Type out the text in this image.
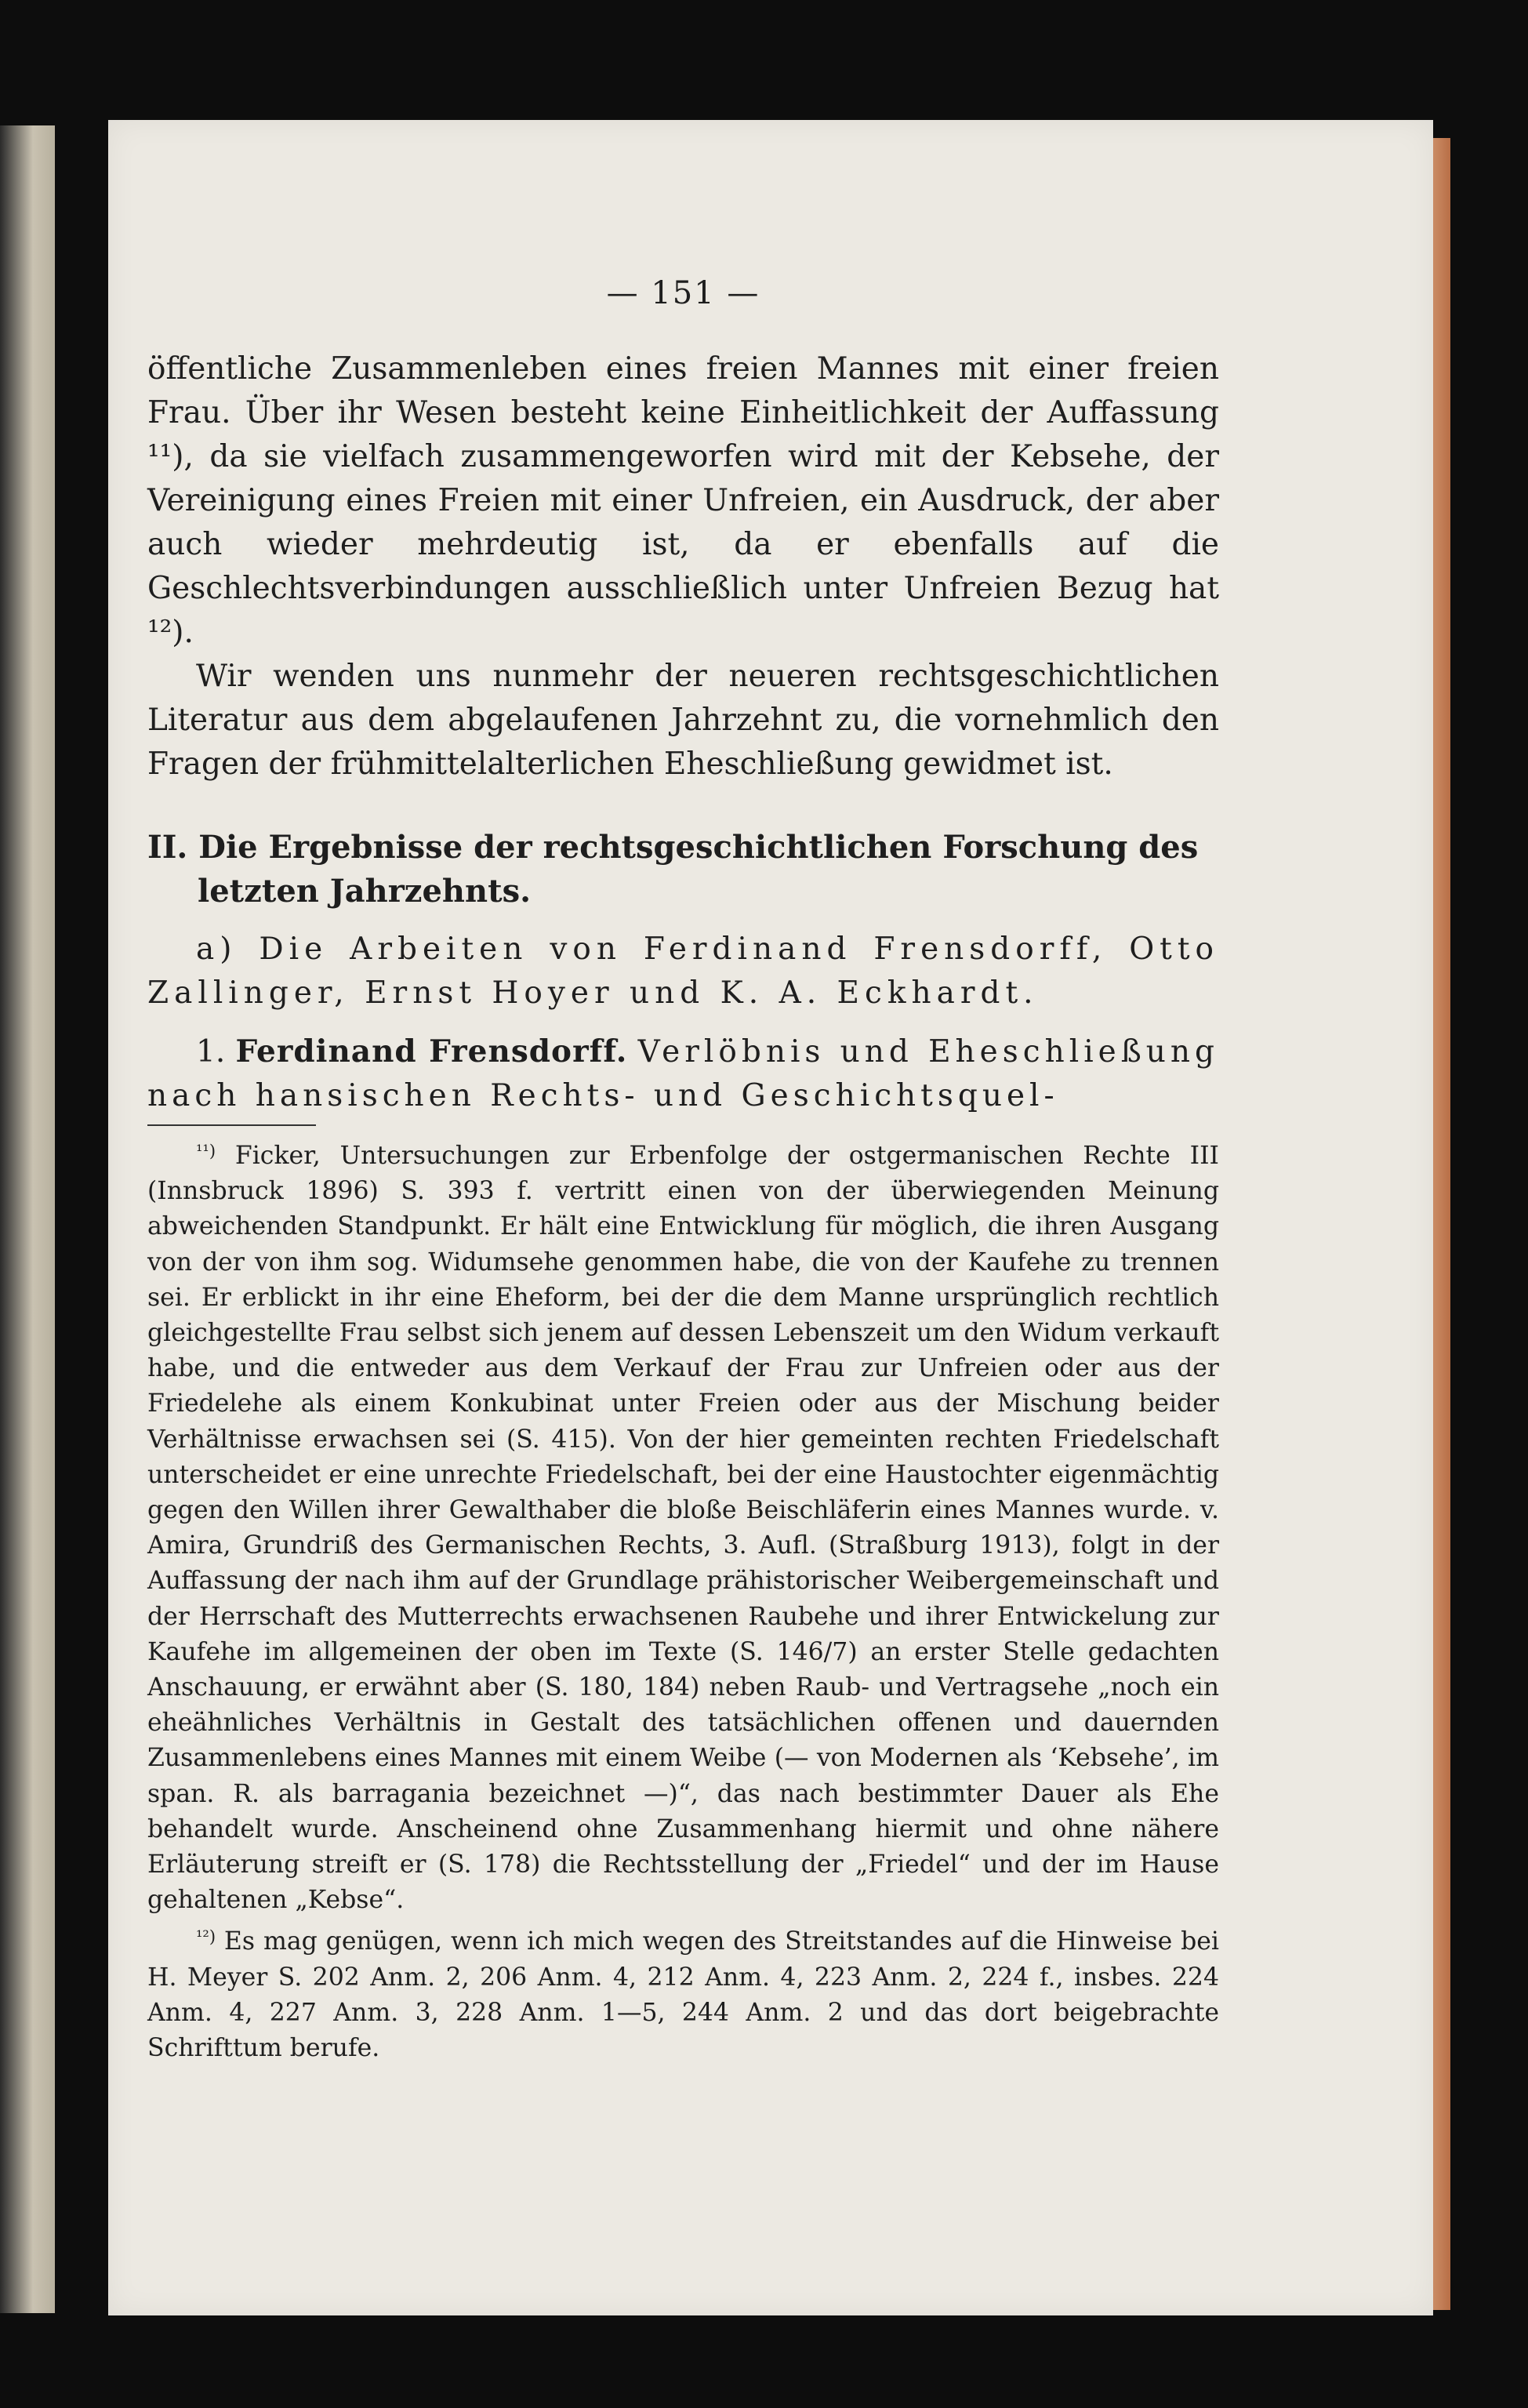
— 151 —

öffentliche Zusammenleben eines freien Mannes mit einer freien Frau. Über ihr Wesen besteht keine Einheitlichkeit der Auffassung ¹¹), da sie vielfach zusammengeworfen wird mit der Kebsehe, der Vereinigung eines Freien mit einer Unfreien, ein Ausdruck, der aber auch wieder mehrdeutig ist, da er ebenfalls auf die Geschlechtsverbindungen ausschließlich unter Unfreien Bezug hat ¹²).

Wir wenden uns nunmehr der neueren rechtsgeschichtlichen Literatur aus dem abgelaufenen Jahrzehnt zu, die vornehmlich den Fragen der frühmittelalterlichen Eheschließung gewidmet ist.

II. Die Ergebnisse der rechtsgeschichtlichen Forschung des letzten Jahrzehnts.

a) Die Arbeiten von Ferdinand Frensdorff, Otto Zallinger, Ernst Hoyer und K. A. Eckhardt.

1. Ferdinand Frensdorff. Verlöbnis und Eheschließung nach hansischen Rechts- und Geschichtsquel-

$^{^{11})}$ Ficker, Untersuchungen zur Erbenfolge der ostgermanischen Rechte III (Innsbruck 1896) S. 393 f. vertritt einen von der überwiegenden Meinung abweichenden Standpunkt. Er hält eine Entwicklung für möglich, die ihren Ausgang von der von ihm sog. Widumsehe genommen habe, die von der Kaufehe zu trennen sei. Er erblickt in ihr eine Eheform, bei der die dem Manne ursprünglich rechtlich gleichgestellte Frau selbst sich jenem auf dessen Lebenszeit um den Widum verkauft habe, und die entweder aus dem Verkauf der Frau zur Unfreien oder aus der Friedelehe als einem Konkubinat unter Freien oder aus der Mischung beider Verhältnisse erwachsen sei (S. 415). Von der hier gemeinten rechten Friedelschaft unterscheidet er eine unrechte Friedelschaft, bei der eine Haustochter eigenmächtig gegen den Willen ihrer Gewalthaber die bloße Beischläferin eines Mannes wurde. v. Amira, Grundriß des Germanischen Rechts, 3. Aufl. (Straßburg 1913), folgt in der Auffassung der nach ihm auf der Grundlage prähistorischer Weibergemeinschaft und der Herrschaft des Mutterrechts erwachsenen Raubehe und ihrer Entwickelung zur Kaufehe im allgemeinen der oben im Texte (S. 146/7) an erster Stelle gedachten Anschauung, er erwähnt aber (S. 180, 184) neben Raub- und Vertragsehe „noch ein eheähnliches Verhältnis in Gestalt des tatsächlichen offenen und dauernden Zusammenlebens eines Mannes mit einem Weibe (— von Modernen als ‘Kebsehe’, im span. R. als barragania bezeichnet —)“, das nach bestimmter Dauer als Ehe behandelt wurde. Anscheinend ohne Zusammenhang hiermit und ohne nähere Erläuterung streift er (S. 178) die Rechtsstellung der „Friedel“ und der im Hause gehaltenen „Kebse“.

$^{^{12})}$ Es mag genügen, wenn ich mich wegen des Streitstandes auf die Hinweise bei H. Meyer S. 202 Anm. 2, 206 Anm. 4, 212 Anm. 4, 223 Anm. 2, 224 f., insbes. 224 Anm. 4, 227 Anm. 3, 228 Anm. 1—5, 244 Anm. 2 und das dort beigebrachte Schrifttum berufe.
